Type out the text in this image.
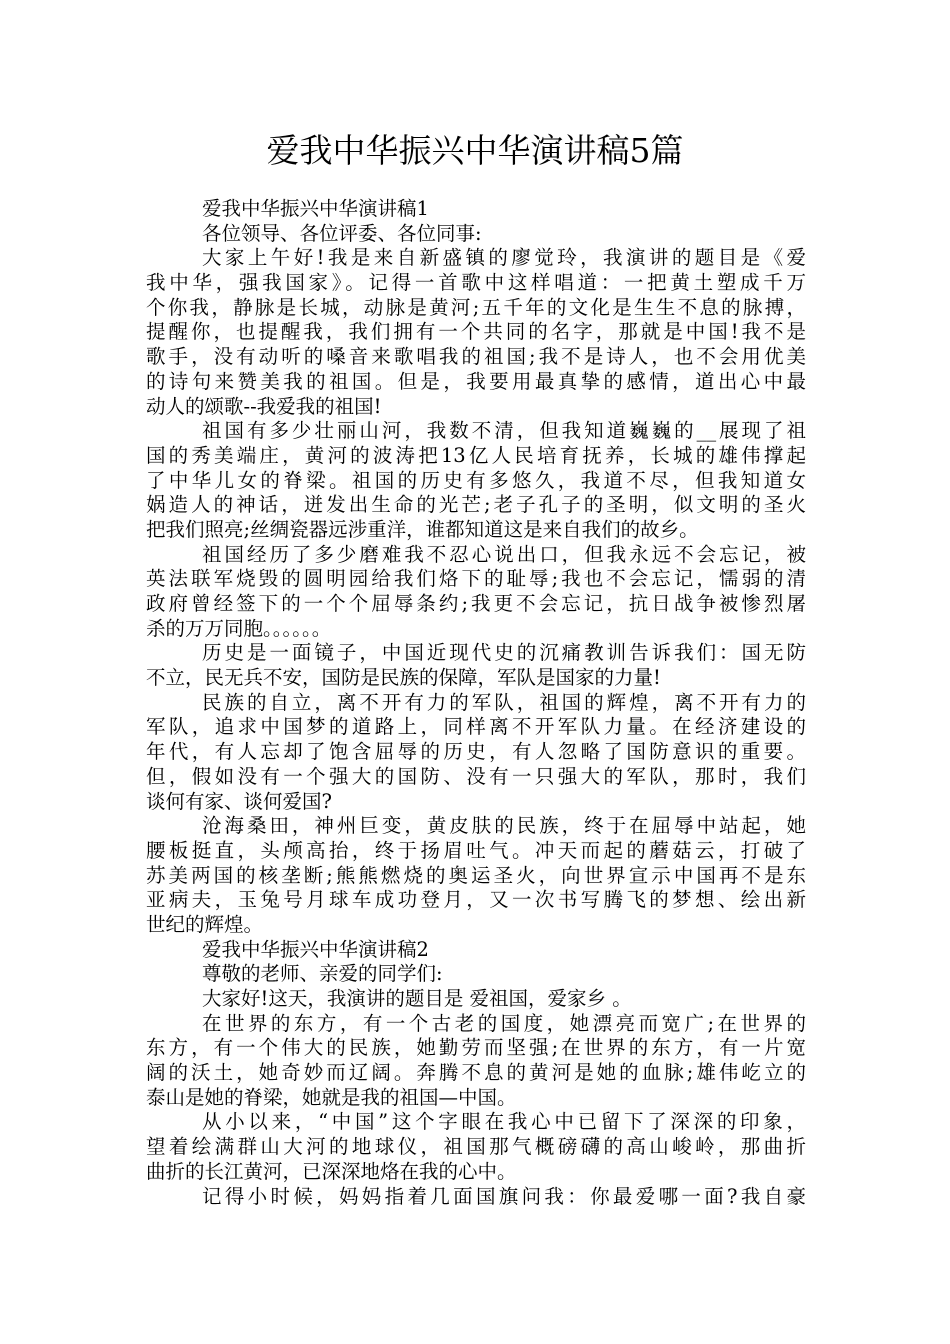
爱我中华振兴中华演讲稿5篇
爱我中华振兴中华演讲稿1
各位领导、各位评委、各位同事:
大家上午好!我是来自新盛镇的廖觉玲，我演讲的题目是《爱
我中华，强我国家》。记得一首歌中这样唱道：一把黄土塑成千万
个你我，静脉是长城，动脉是黄河;五千年的文化是生生不息的脉搏，
提醒你，也提醒我，我们拥有一个共同的名字，那就是中国!我不是
歌手，没有动听的嗓音来歌唱我的祖国;我不是诗人，也不会用优美
的诗句来赞美我的祖国。但是，我要用最真挚的感情，道出心中最
动人的颂歌--我爱我的祖国!
祖国有多少壮丽山河，我数不清，但我知道巍巍的__展现了祖
国的秀美端庄，黄河的波涛把13亿人民培育抚养，长城的雄伟撑起
了中华儿女的脊梁。祖国的历史有多悠久，我道不尽，但我知道女
娲造人的神话，迸发出生命的光芒;老子孔子的圣明，似文明的圣火
把我们照亮;丝绸瓷器远涉重洋，谁都知道这是来自我们的故乡。
祖国经历了多少磨难我不忍心说出口，但我永远不会忘记，被
英法联军烧毁的圆明园给我们烙下的耻辱;我也不会忘记，懦弱的清
政府曾经签下的一个个屈辱条约;我更不会忘记，抗日战争被惨烈屠
杀的万万同胞。。。。。。
历史是一面镜子，中国近现代史的沉痛教训告诉我们：国无防
不立，民无兵不安，国防是民族的保障，军队是国家的力量!
民族的自立，离不开有力的军队，祖国的辉煌，离不开有力的
军队，追求中国梦的道路上，同样离不开军队力量。在经济建设的
年代，有人忘却了饱含屈辱的历史，有人忽略了国防意识的重要。
但，假如没有一个强大的国防、没有一只强大的军队，那时，我们
谈何有家、谈何爱国?
沧海桑田，神州巨变，黄皮肤的民族，终于在屈辱中站起，她
腰板挺直，头颅高抬，终于扬眉吐气。冲天而起的蘑菇云，打破了
苏美两国的核垄断;熊熊燃烧的奥运圣火，向世界宣示中国再不是东
亚病夫，玉兔号月球车成功登月，又一次书写腾飞的梦想、绘出新
世纪的辉煌。
爱我中华振兴中华演讲稿2
尊敬的老师、亲爱的同学们:
大家好!这天，我演讲的题目是 爱祖国，爱家乡 。
在世界的东方，有一个古老的国度，她漂亮而宽广;在世界的
东方，有一个伟大的民族，她勤劳而坚强;在世界的东方，有一片宽
阔的沃土，她奇妙而辽阔。奔腾不息的黄河是她的血脉;雄伟屹立的
泰山是她的脊梁，她就是我的祖国—中国。
从小以来，“中国”这个字眼在我心中已留下了深深的印象，
望着绘满群山大河的地球仪，祖国那气概磅礴的高山峻岭，那曲折
曲折的长江黄河，已深深地烙在我的心中。
记得小时候，妈妈指着几面国旗问我：你最爱哪一面?我自豪
